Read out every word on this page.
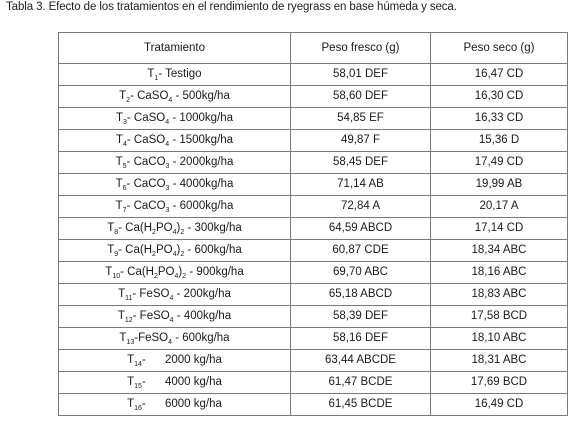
Tabla 3. Efecto de los tratamientos en el rendimiento de ryegrass en base húmeda y seca.
Tratamiento	Peso fresco (g)	Peso seco (g)
$T_1-$ Testigo	58,01 DEF	16,47 CD
$T_2-$ CaSO$_4$ - 500kg/ha	58,60 DEF	16,30 CD
$T_3-$ CaSO$_4$ - 1000kg/ha	54,85 EF	16,33 CD
$T_4-$ CaSO$_4$ - 1500kg/ha	49,87 F	15,36 D
$T_5-$ CaCO$_3$ - 2000kg/ha	58,45 DEF	17,49 CD
$T_6-$ CaCO$_3$ - 4000kg/ha	71,14 AB	19,99 AB
$T_7-$ CaCO$_3$ - 6000kg/ha	72,84 A	20,17 A
$T_8-$ $Ca(H_2PO_4)_2 - 300kg/ha$	64,59 ABCD	17,14 CD
$T_9-$ $Ca(H_2PO_4)_2 - 600kg/ha$	60,87 CDE	18,34 ABC
$T_{10}-$ $Ca(H_2PO_4)_2 - 900kg/ha$	69,70 ABC	18,16 ABC
$T_{11}-$ FeSO$_4$ - 200kg/ha	65,18 ABCD	18,83 ABC
$T_{12}-$ FeSO$_4$ - 400kg/ha	58,39 DEF	17,58 BCD
$T_{13}-FeSO_4 - 600kg/ha$	58,16 DEF	18,10 ABC
$T_{14}-$      2000 kg/ha	63,44 ABCDE	18,31 ABC
$T_{15}-$      4000 kg/ha	61,47 BCDE	17,69 BCD
$T_{16}-$      6000 kg/ha	61,45 BCDE	16,49 CD
